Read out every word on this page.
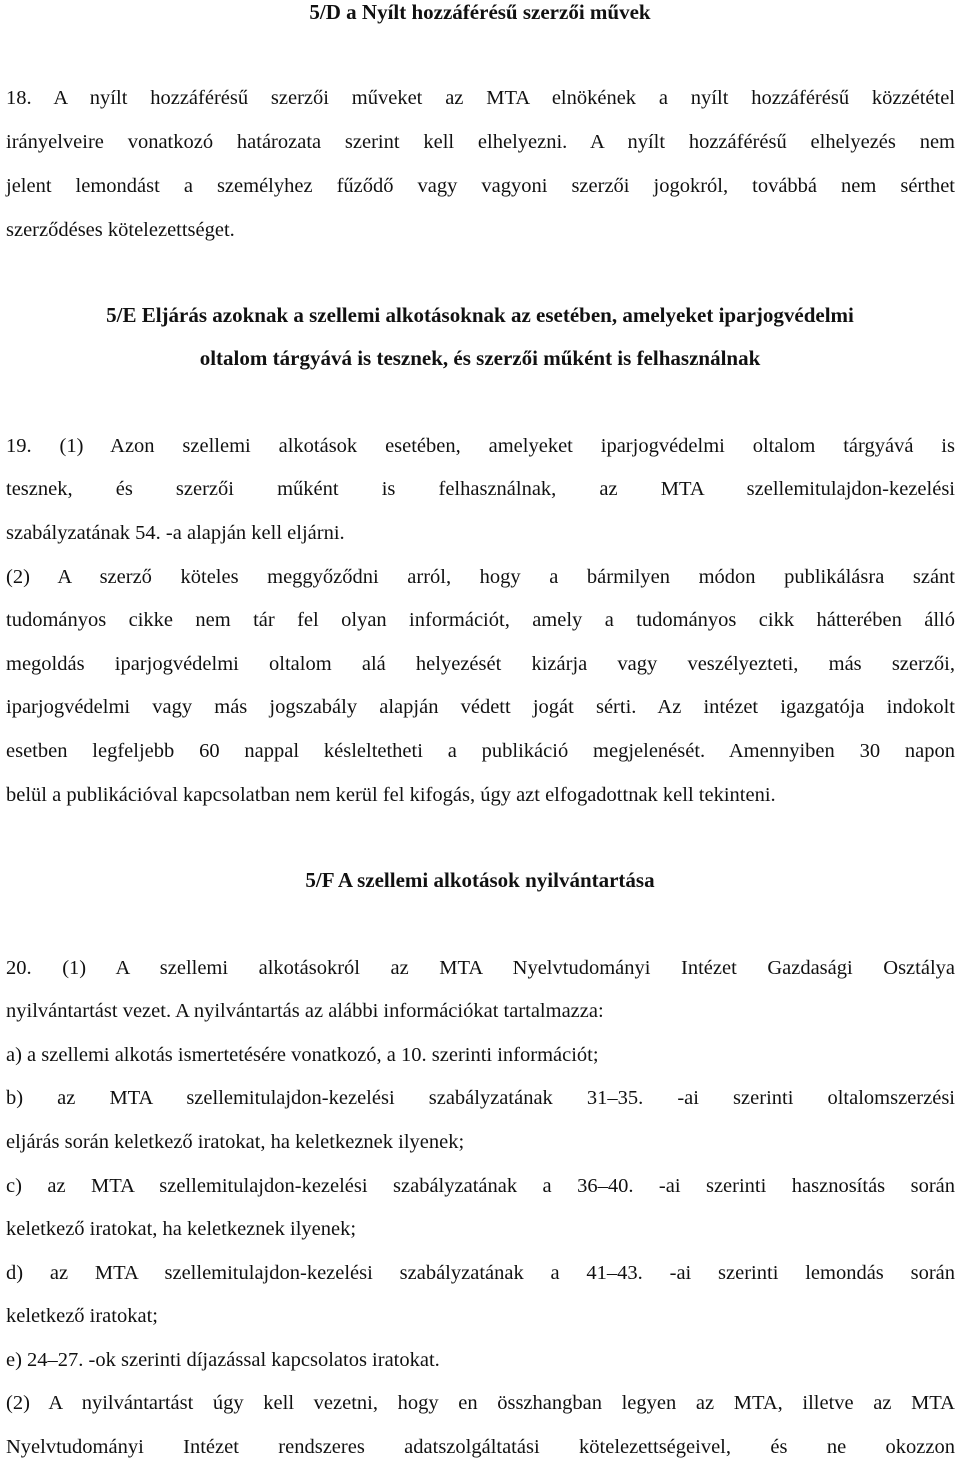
5/D a Nyílt hozzáférésű szerzői művek
18. A nyílt hozzáférésű szerzői műveket az MTA elnökének a nyílt hozzáférésű közzététel
irányelveire vonatkozó határozata szerint kell elhelyezni. A nyílt hozzáférésű elhelyezés nem
jelent lemondást a személyhez fűződő vagy vagyoni szerzői jogokról, továbbá nem sérthet
szerződéses kötelezettséget.
5/E Eljárás azoknak a szellemi alkotásoknak az esetében, amelyeket iparjogvédelmi
oltalom tárgyává is tesznek, és szerzői műként is felhasználnak
19. (1) Azon szellemi alkotások esetében, amelyeket iparjogvédelmi oltalom tárgyává is
tesznek, és szerzői műként is felhasználnak, az MTA szellemitulajdon-kezelési
szabályzatának 54. -a alapján kell eljárni.
(2) A szerző köteles meggyőződni arról, hogy a bármilyen módon publikálásra szánt
tudományos cikke nem tár fel olyan információt, amely a tudományos cikk hátterében álló
megoldás iparjogvédelmi oltalom alá helyezését kizárja vagy veszélyezteti, más szerzői,
iparjogvédelmi vagy más jogszabály alapján védett jogát sérti. Az intézet igazgatója indokolt
esetben legfeljebb 60 nappal késleltetheti a publikáció megjelenését. Amennyiben 30 napon
belül a publikációval kapcsolatban nem kerül fel kifogás, úgy azt elfogadottnak kell tekinteni.
5/F A szellemi alkotások nyilvántartása
20. (1) A szellemi alkotásokról az MTA Nyelvtudományi Intézet Gazdasági Osztálya
nyilvántartást vezet. A nyilvántartás az alábbi információkat tartalmazza:
a) a szellemi alkotás ismertetésére vonatkozó, a 10. szerinti információt;
b) az MTA szellemitulajdon-kezelési szabályzatának 31–35. -ai szerinti oltalomszerzési
eljárás során keletkező iratokat, ha keletkeznek ilyenek;
c) az MTA szellemitulajdon-kezelési szabályzatának a 36–40. -ai szerinti hasznosítás során
keletkező iratokat, ha keletkeznek ilyenek;
d) az MTA szellemitulajdon-kezelési szabályzatának a 41–43. -ai szerinti lemondás során
keletkező iratokat;
e) 24–27. -ok szerinti díjazással kapcsolatos iratokat.
(2) A nyilvántartást úgy kell vezetni, hogy en összhangban legyen az MTA, illetve az MTA
Nyelvtudományi Intézet rendszeres adatszolgáltatási kötelezettségeivel, és ne okozzon
